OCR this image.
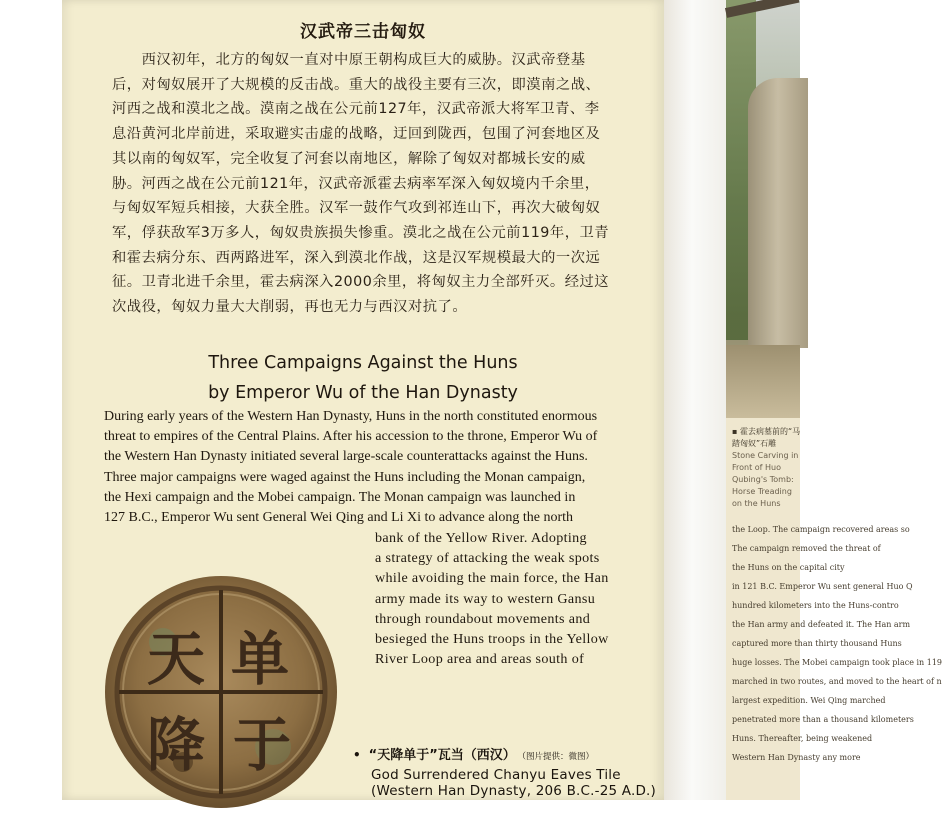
▪ 霍去病墓前的“马踏匈奴”石雕
Stone Carving in Front of Huo Qubing's Tomb: Horse Treading on the Huns
the Loop. The campaign recovered areas so
The campaign removed the threat of
the Huns on the capital city
in 121 B.C. Emperor Wu sent general Huo Q
hundred kilometers into the Huns-contro
the Han army and defeated it. The Han arm
captured more than thirty thousand Huns
huge losses. The Mobei campaign took place in 119
marched in two routes, and moved to the heart of n
largest expedition. Wei Qing marched
penetrated more than a thousand kilometers
Huns. Thereafter, being weakened
Western Han Dynasty any more
汉武帝三击匈奴
　　西汉初年，北方的匈奴一直对中原王朝构成巨大的威胁。汉武帝登基
后，对匈奴展开了大规模的反击战。重大的战役主要有三次，即漠南之战、
河西之战和漠北之战。漠南之战在公元前127年，汉武帝派大将军卫青、李
息沿黄河北岸前进，采取避实击虚的战略，迂回到陇西，包围了河套地区及
其以南的匈奴军，完全收复了河套以南地区，解除了匈奴对都城长安的威
胁。河西之战在公元前121年，汉武帝派霍去病率军深入匈奴境内千余里，
与匈奴军短兵相接，大获全胜。汉军一鼓作气攻到祁连山下，再次大破匈奴
军，俘获敌军3万多人，匈奴贵族损失惨重。漠北之战在公元前119年，卫青
和霍去病分东、西两路进军，深入到漠北作战，这是汉军规模最大的一次远
征。卫青北进千余里，霍去病深入2000余里，将匈奴主力全部歼灭。经过这
次战役，匈奴力量大大削弱，再也无力与西汉对抗了。
Three Campaigns Against the Huns
by Emperor Wu of the Han Dynasty
During early years of the Western Han Dynasty, Huns in the north constituted enormous
threat to empires of the Central Plains. After his accession to the throne, Emperor Wu of
the Western Han Dynasty initiated several large-scale counterattacks against the Huns.
Three major campaigns were waged against the Huns including the Monan campaign,
the Hexi campaign and the Mobei campaign. The Monan campaign was launched in
127 B.C., Emperor Wu sent General Wei Qing and Li Xi to advance along the north
bank of the Yellow River. Adopting
a strategy of attacking the weak spots
while avoiding the main force, the Han
army made its way to western Gansu
through roundabout movements and
besieged the Huns troops in the Yellow
River Loop area and areas south of
单
于
天
降	• “天降单于”瓦当（西汉） （图片提供：微图）
God Surrendered Chanyu Eaves Tile
(Western Han Dynasty, 206 B.C.-25 A.D.)
